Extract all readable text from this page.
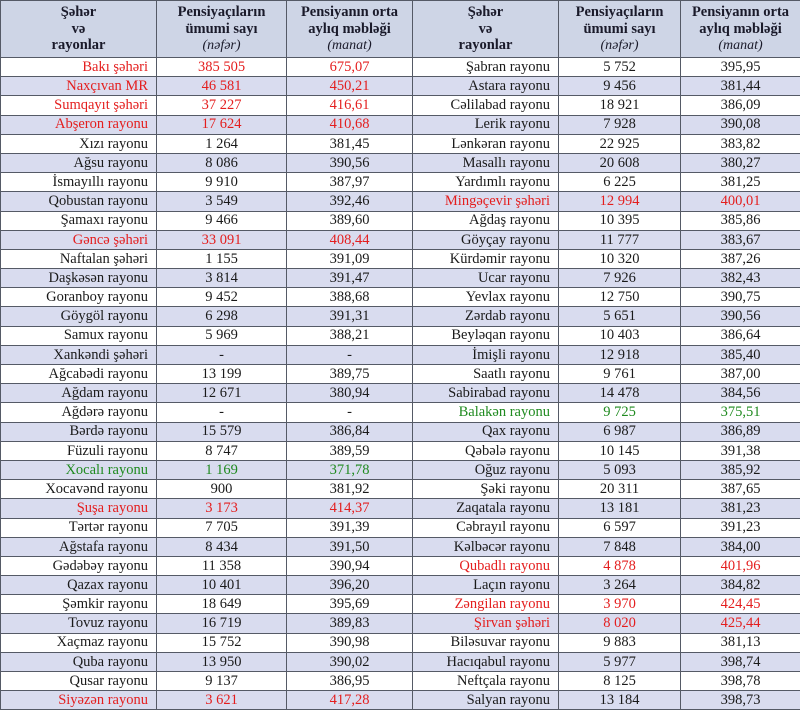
Şəhər
və
rayonlar	Pensiyaçıların
ümumi sayı
(nəfər)	Pensiyanın orta
aylıq məbləği
(manat)	Şəhər
və
rayonlar	Pensiyaçıların
ümumi sayı
(nəfər)	Pensiyanın orta
aylıq məbləği
(manat)

Bakı şəhəri	385 505	675,07	Şabran rayonu	5 752	395,95
Naxçıvan MR	46 581	450,21	Astara rayonu	9 456	381,44
Sumqayıt şəhəri	37 227	416,61	Cəlilabad rayonu	18 921	386,09
Abşeron rayonu	17 624	410,68	Lerik rayonu	7 928	390,08
Xızı rayonu	1 264	381,45	Lənkəran rayonu	22 925	383,82
Ağsu rayonu	8 086	390,56	Masallı rayonu	20 608	380,27
İsmayıllı rayonu	9 910	387,97	Yardımlı rayonu	6 225	381,25
Qobustan rayonu	3 549	392,46	Mingəçevir şəhəri	12 994	400,01
Şamaxı rayonu	9 466	389,60	Ağdaş rayonu	10 395	385,86
Gəncə şəhəri	33 091	408,44	Göyçay rayonu	11 777	383,67
Naftalan şəhəri	1 155	391,09	Kürdəmir rayonu	10 320	387,26
Daşkəsən rayonu	3 814	391,47	Ucar rayonu	7 926	382,43
Goranboy rayonu	9 452	388,68	Yevlax rayonu	12 750	390,75
Göygöl rayonu	6 298	391,31	Zərdab rayonu	5 651	390,56
Samux rayonu	5 969	388,21	Beyləqan rayonu	10 403	386,64
Xankəndi şəhəri	-	-	İmişli rayonu	12 918	385,40
Ağcabədi rayonu	13 199	389,75	Saatlı rayonu	9 761	387,00
Ağdam rayonu	12 671	380,94	Sabirabad rayonu	14 478	384,56
Ağdərə rayonu	-	-	Balakən rayonu	9 725	375,51
Bərdə rayonu	15 579	386,84	Qax rayonu	6 987	386,89
Füzuli rayonu	8 747	389,59	Qəbələ rayonu	10 145	391,38
Xocalı rayonu	1 169	371,78	Oğuz rayonu	5 093	385,92
Xocavənd rayonu	900	381,92	Şəki rayonu	20 311	387,65
Şuşa rayonu	3 173	414,37	Zaqatala rayonu	13 181	381,23
Tərtər rayonu	7 705	391,39	Cəbrayıl rayonu	6 597	391,23
Ağstafa rayonu	8 434	391,50	Kəlbəcər rayonu	7 848	384,00
Gədəbəy rayonu	11 358	390,94	Qubadlı rayonu	4 878	401,96
Qazax rayonu	10 401	396,20	Laçın rayonu	3 264	384,82
Şəmkir rayonu	18 649	395,69	Zəngilan rayonu	3 970	424,45
Tovuz rayonu	16 719	389,83	Şirvan şəhəri	8 020	425,44
Xaçmaz rayonu	15 752	390,98	Biləsuvar rayonu	9 883	381,13
Quba rayonu	13 950	390,02	Hacıqabul rayonu	5 977	398,74
Qusar rayonu	9 137	386,95	Neftçala rayonu	8 125	398,78
Siyəzən rayonu	3 621	417,28	Salyan rayonu	13 184	398,73
